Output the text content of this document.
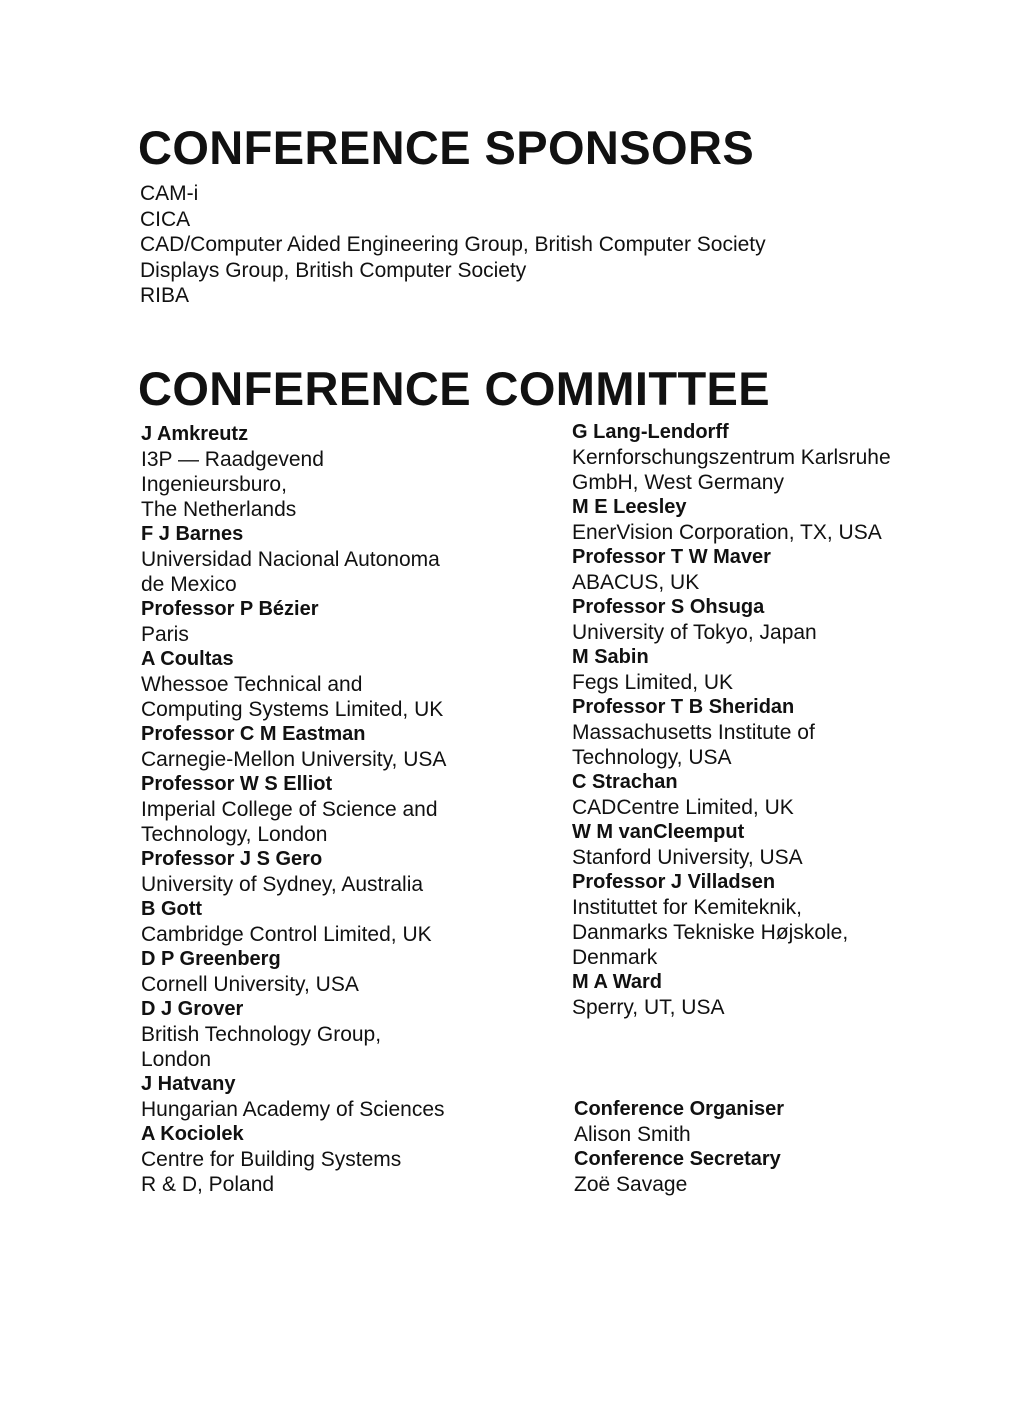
CONFERENCE SPONSORS
CAM-i
CICA
CAD/Computer Aided Engineering Group, British Computer Society
Displays Group, British Computer Society
RIBA
CONFERENCE COMMITTEE
J Amkreutz
I3P — Raadgevend
Ingenieursburo,
The Netherlands
F J Barnes
Universidad Nacional Autonoma
de Mexico
Professor P Bézier
Paris
A Coultas
Whessoe Technical and
Computing Systems Limited, UK
Professor C M Eastman
Carnegie-Mellon University, USA
Professor W S Elliot
Imperial College of Science and
Technology, London
Professor J S Gero
University of Sydney, Australia
B Gott
Cambridge Control Limited, UK
D P Greenberg
Cornell University, USA
D J Grover
British Technology Group,
London
J Hatvany
Hungarian Academy of Sciences
A Kociolek
Centre for Building Systems
R & D, Poland
G Lang-Lendorff
Kernforschungszentrum Karlsruhe
GmbH, West Germany
M E Leesley
EnerVision Corporation, TX, USA
Professor T W Maver
ABACUS, UK
Professor S Ohsuga
University of Tokyo, Japan
M Sabin
Fegs Limited, UK
Professor T B Sheridan
Massachusetts Institute of
Technology, USA
C Strachan
CADCentre Limited, UK
W M vanCleemput
Stanford University, USA
Professor J Villadsen
Instituttet for Kemiteknik,
Danmarks Tekniske Højskole,
Denmark
M A Ward
Sperry, UT, USA
Conference Organiser
Alison Smith
Conference Secretary
Zoë Savage
